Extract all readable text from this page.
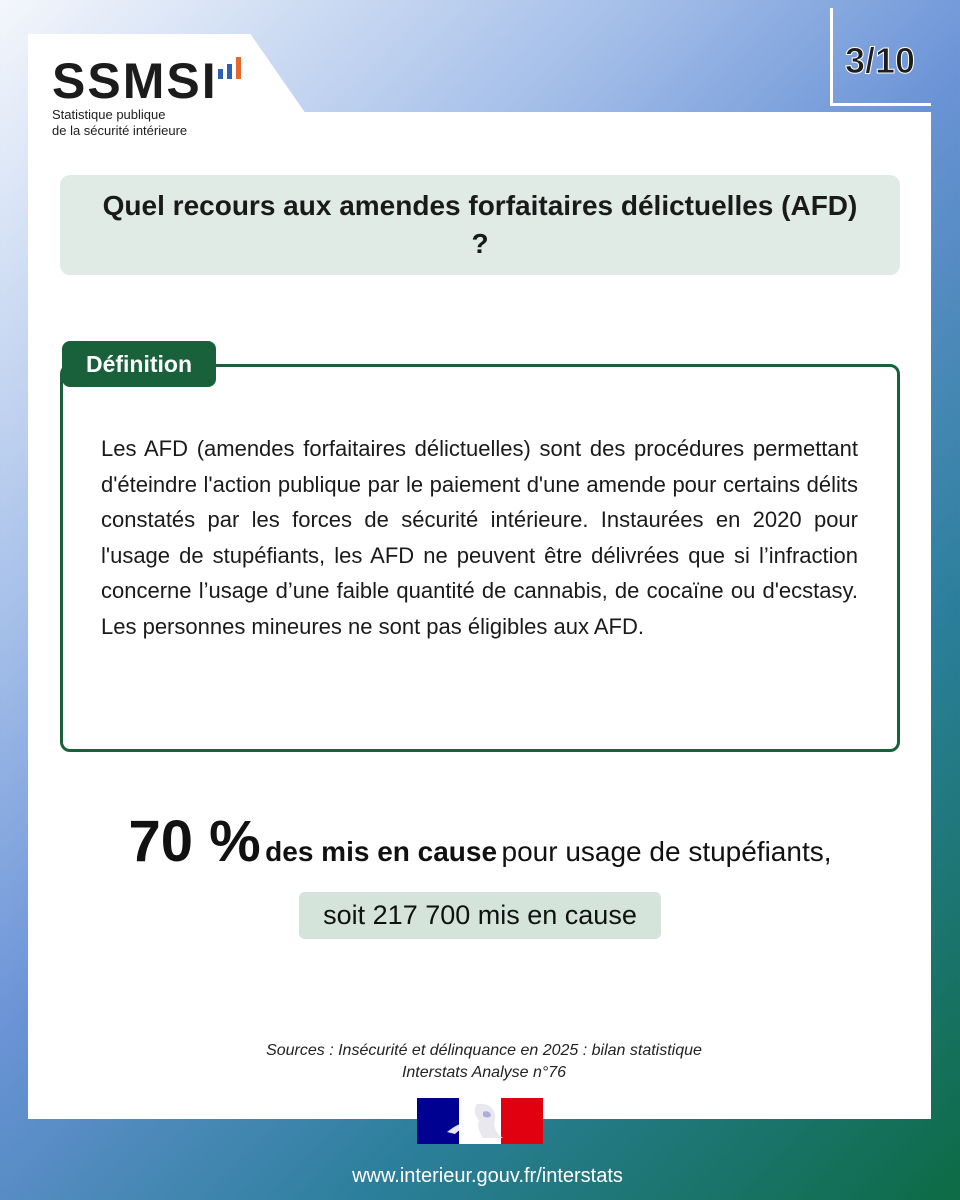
SSMSI
Statistique publique
de la sécurité intérieure
3/10
Quel recours aux amendes forfaitaires délictuelles (AFD) ?
Définition
Les AFD (amendes forfaitaires délictuelles) sont des procédures permettant d'éteindre l'action publique par le paiement d'une amende pour certains délits constatés par les forces de sécurité intérieure. Instaurées en 2020 pour l'usage de stupéfiants, les AFD ne peuvent être délivrées que si l’infraction concerne l’usage d’une faible quantité de cannabis, de cocaïne ou d'ecstasy. Les personnes mineures ne sont pas éligibles aux AFD.
70 % des mis en cause pour usage de stupéfiants,
soit 217 700 mis en cause
Sources : Insécurité et délinquance en 2025 : bilan statistique
Interstats Analyse n°76
www.interieur.gouv.fr/interstats
